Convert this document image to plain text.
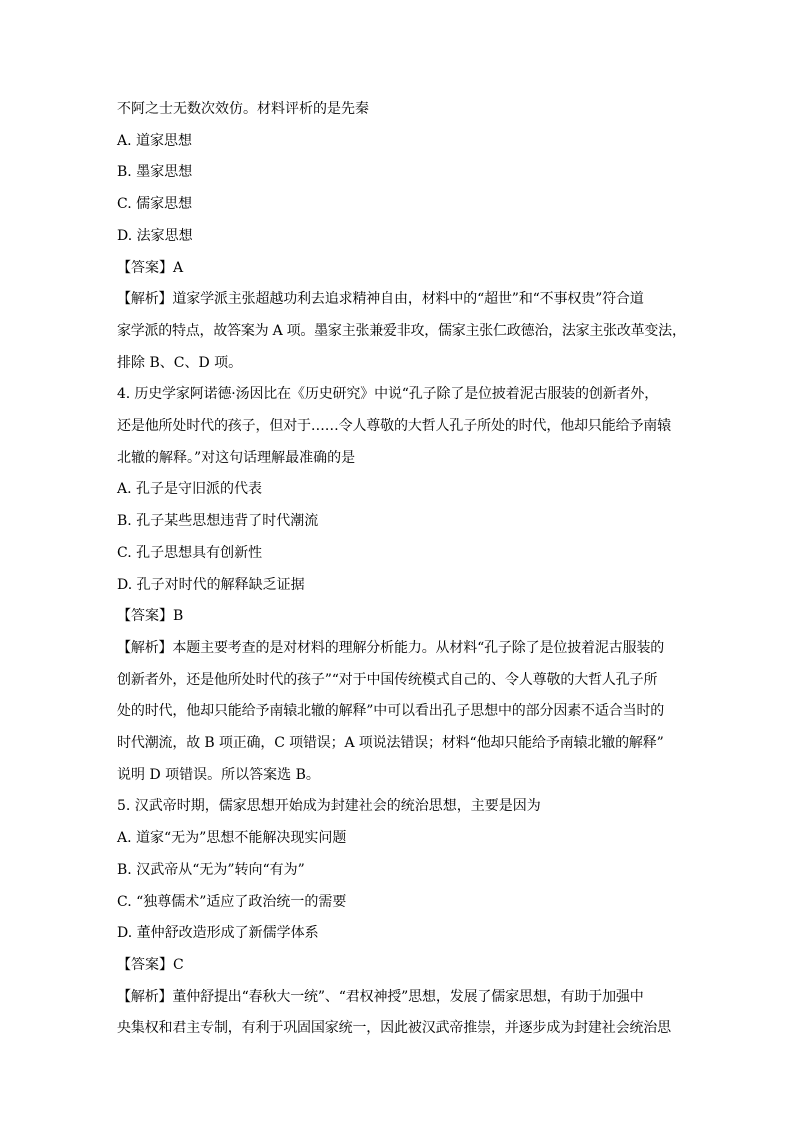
不阿之士无数次效仿。材料评析的是先秦
A. 道家思想
B. 墨家思想
C. 儒家思想
D. 法家思想
【答案】A
【解析】道家学派主张超越功利去追求精神自由，材料中的“超世”和“不事权贵”符合道
家学派的特点，故答案为 A 项。墨家主张兼爱非攻，儒家主张仁政德治，法家主张改革变法，
排除 B、C、D 项。
4. 历史学家阿诺德·汤因比在《历史研究》中说“孔子除了是位披着泥古服装的创新者外，
还是他所处时代的孩子，但对于……令人尊敬的大哲人孔子所处的时代，他却只能给予南辕
北辙的解释。”对这句话理解最准确的是
A. 孔子是守旧派的代表
B. 孔子某些思想违背了时代潮流
C. 孔子思想具有创新性
D. 孔子对时代的解释缺乏证据
【答案】B
【解析】本题主要考查的是对材料的理解分析能力。从材料“孔子除了是位披着泥古服装的
创新者外，还是他所处时代的孩子”“对于中国传统模式自己的、令人尊敬的大哲人孔子所
处的时代，他却只能给予南辕北辙的解释”中可以看出孔子思想中的部分因素不适合当时的
时代潮流，故 B 项正确，C 项错误；A 项说法错误；材料“他却只能给予南辕北辙的解释”
说明 D 项错误。所以答案选 B。
5. 汉武帝时期，儒家思想开始成为封建社会的统治思想，主要是因为
A. 道家“无为”思想不能解决现实问题
B. 汉武帝从“无为”转向“有为”
C. “独尊儒术”适应了政治统一的需要
D. 董仲舒改造形成了新儒学体系
【答案】C
【解析】董仲舒提出“春秋大一统”、“君权神授”思想，发展了儒家思想，有助于加强中
央集权和君主专制，有利于巩固国家统一，因此被汉武帝推崇，并逐步成为封建社会统治思
